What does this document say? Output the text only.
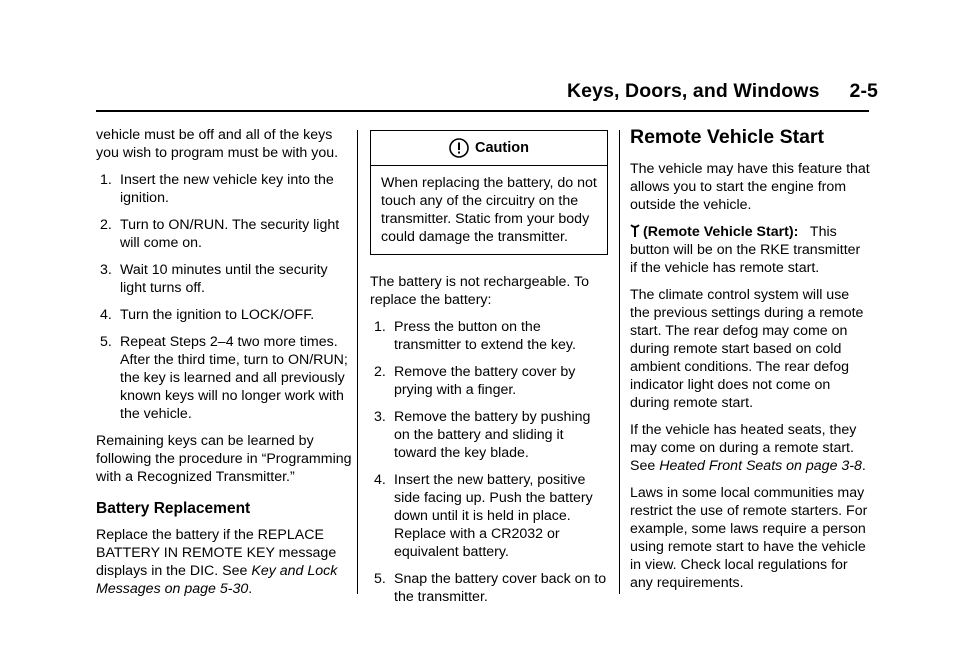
Keys, Doors, and Windows 2-5

vehicle must be off and all of the keys you wish to program must be with you.

1. Insert the new vehicle key into the ignition.
2. Turn to ON/RUN. The security light will come on.
3. Wait 10 minutes until the security light turns off.
4. Turn the ignition to LOCK/OFF.
5. Repeat Steps 2–4 two more times. After the third time, turn to ON/RUN; the key is learned and all previously known keys will no longer work with the vehicle.

Remaining keys can be learned by following the procedure in “Programming with a Recognized Transmitter.”

Battery Replacement

Replace the battery if the REPLACE BATTERY IN REMOTE KEY message displays in the DIC. See Key and Lock Messages on page 5-30.

Caution
When replacing the battery, do not touch any of the circuitry on the transmitter. Static from your body could damage the transmitter.

The battery is not rechargeable. To replace the battery:

1. Press the button on the transmitter to extend the key.
2. Remove the battery cover by prying with a finger.
3. Remove the battery by pushing on the battery and sliding it toward the key blade.
4. Insert the new battery, positive side facing up. Push the battery down until it is held in place. Replace with a CR2032 or equivalent battery.
5. Snap the battery cover back on to the transmitter.
Remote Vehicle Start

The vehicle may have this feature that allows you to start the engine from outside the vehicle.

(Remote Vehicle Start): This button will be on the RKE transmitter if the vehicle has remote start.

The climate control system will use the previous settings during a remote start. The rear defog may come on during remote start based on cold ambient conditions. The rear defog indicator light does not come on during remote start.

If the vehicle has heated seats, they may come on during a remote start. See Heated Front Seats on page 3-8.

Laws in some local communities may restrict the use of remote starters. For example, some laws require a person using remote start to have the vehicle in view. Check local regulations for any requirements.
